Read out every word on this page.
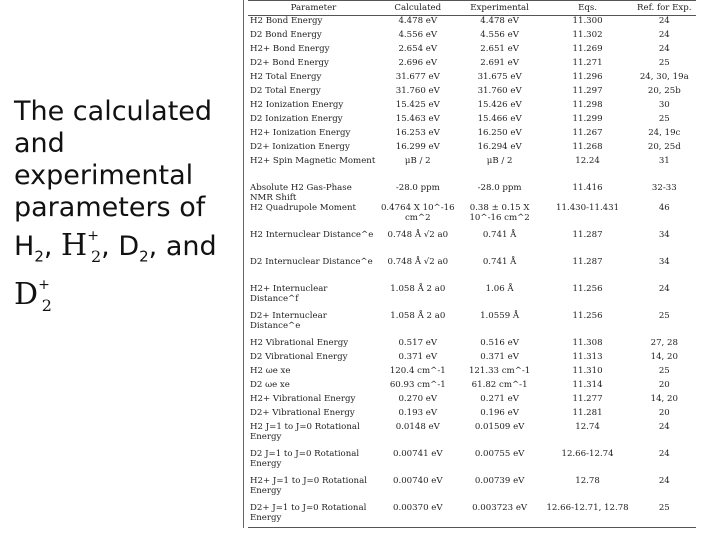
The calculated
and
experimental
parameters of
$H_2$, $H^+_2$, $D_2$, and $D^+_2$
Parameter	Calculated	Experimental	Eqs.	Ref. for Exp.
H2 Bond Energy	4.478 eV	4.478 eV	11.300	24
D2 Bond Energy	4.556 eV	4.556 eV	11.302	24
H2+ Bond Energy	2.654 eV	2.651 eV	11.269	24
D2+ Bond Energy	2.696 eV	2.691 eV	11.271	25
H2 Total Energy	31.677 eV	31.675 eV	11.296	24, 30, 19a
D2 Total Energy	31.760 eV	31.760 eV	11.297	20, 25b
H2 Ionization Energy	15.425 eV	15.426 eV	11.298	30
D2 Ionization Energy	15.463 eV	15.466 eV	11.299	25
H2+ Ionization Energy	16.253 eV	16.250 eV	11.267	24, 19c
D2+ Ionization Energy	16.299 eV	16.294 eV	11.268	20, 25d
H2+ Spin Magnetic Moment	μB / 2	μB / 2	12.24	31
Absolute H2 Gas-Phase NMR Shift	-28.0 ppm	-28.0 ppm	11.416	32-33
H2 Quadrupole Moment	0.4764 X 10^-16 cm^2	0.38 ± 0.15 X 10^-16 cm^2	11.430-11.431	46
H2 Internuclear Distance^e	0.748 Å √2 a0	0.741 Å	11.287	34
D2 Internuclear Distance^e	0.748 Å √2 a0	0.741 Å	11.287	34
H2+ Internuclear Distance^f	1.058 Å 2 a0	1.06 Å	11.256	24
D2+ Internuclear Distance^e	1.058 Å 2 a0	1.0559 Å	11.256	25
H2 Vibrational Energy	0.517 eV	0.516 eV	11.308	27, 28
D2 Vibrational Energy	0.371 eV	0.371 eV	11.313	14, 20
H2 ωe xe	120.4 cm^-1	121.33 cm^-1	11.310	25
D2 ωe xe	60.93 cm^-1	61.82 cm^-1	11.314	20
H2+ Vibrational Energy	0.270 eV	0.271 eV	11.277	14, 20
D2+ Vibrational Energy	0.193 eV	0.196 eV	11.281	20
H2 J=1 to J=0 Rotational Energy	0.0148 eV	0.01509 eV	12.74	24
D2 J=1 to J=0 Rotational Energy	0.00741 eV	0.00755 eV	12.66-12.74	24
H2+ J=1 to J=0 Rotational Energy	0.00740 eV	0.00739 eV	12.78	24
D2+ J=1 to J=0 Rotational Energy	0.00370 eV	0.003723 eV	12.66-12.71, 12.78	25
